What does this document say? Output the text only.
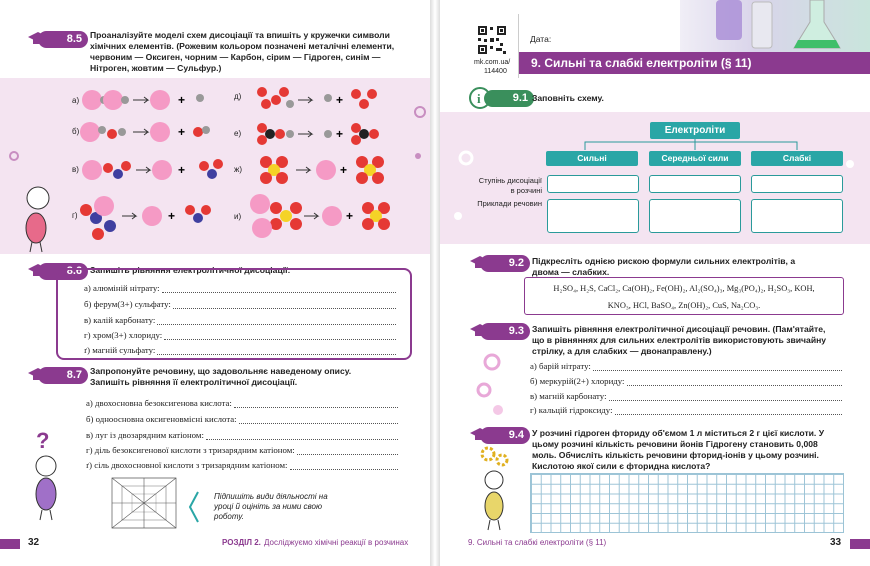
8.5 Проаналізуйте моделі схем дисоціації та впишіть у кружечки символи хімічних елементів. (Рожевим кольором позначені металічні елементи, червоним — Оксиген, чорним — Карбон, сірим — Гідроген, синім — Нітроген, жовтим — Сульфур.)
+
+
+
+
+
+
+
+
а)
б)
в)
г)
д)
е)
ж)
и)
8.6 Запишіть рівняння електролітичної дисоціації:
а) алюміній нітрату:
б) ферум(3+) сульфату:
в) калій карбонату:
г) хром(3+) хлориду:
ґ) магній сульфату:
8.7 Запропонуйте речовину, що задовольняє наведеному опису. Запишіть рівняння її електролітичної дисоціації.
а) двохосновна безоксигенова кислота:
б) одноосновна оксигеновмісні кислота:
в) луг із двозарядним катіоном:
г) діль безоксигенової кислоти з тризарядним катіоном:
ґ) сіль двохосновної кислоти з тризарядним катіоном:
?
Підпишіть види діяльності на уроці й оцініть за ними свою роботу.
32	РОЗДІЛ 2. Досліджуємо хімічні реакції в розчинах
mk.com.ua/
114400
Дата:
9. Сильні та слабкі електроліти (§ 11)
i	9.1 Заповніть схему.
Електроліти
Сильні	Середньої сили	Слабкі
Ступінь дисоціації в розчині
Приклади речовин
9.2 Підкресліть однією рискою формули сильних електролітів, а двома — слабких.
H₂SO₄, H₂S, CaCl₂, Ca(OH)₂, Fe(OH)₂, Al₂(SO₄)₃, Mg₃(PO₄)₂, H₂SO₃, KOH,
KNO₃, HCl, BaSO₄, Zn(OH)₂, CuS, Na₂CO₃.
9.3 Запишіть рівняння електролітичної дисоціації речовин. (Пам'ятайте, що в рівняннях для сильних електролітів використовують звичайну стрілку, а для слабких — двонаправлену.)
а) барій нітрату:
б) меркурій(2+) хлориду:
в) магній карбонату:
г) кальцій гідроксиду:
9.4 У розчині гідроген фториду об'ємом 1 л міститься 2 г цієї кислоти. У цьому розчині кількість речовини йонів Гідрогену становить 0,008 моль. Обчисліть кількість речовини фторид-іонів у цьому розчині. Кислотою якої сили є фторидна кислота?
9. Сильні та слабкі електроліти (§ 11)	33
